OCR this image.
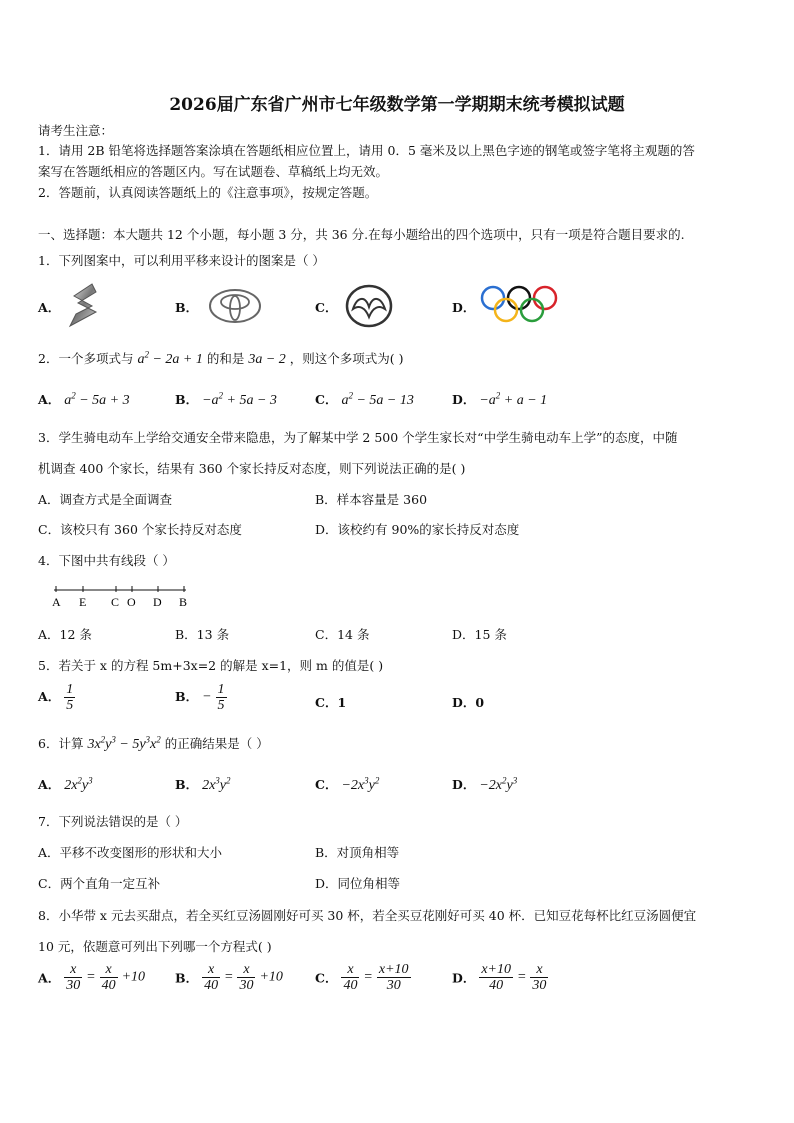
2026届广东省广州市七年级数学第一学期期末统考模拟试题
请考生注意：
1．请用 2B 铅笔将选择题答案涂填在答题纸相应位置上，请用 0．5 毫米及以上黑色字迹的钢笔或签字笔将主观题的答
案写在答题纸相应的答题区内。写在试题卷、草稿纸上均无效。
2．答题前，认真阅读答题纸上的《注意事项》，按规定答题。
一、选择题：本大题共 12 个小题，每小题 3 分，共 36 分.在每小题给出的四个选项中，只有一项是符合题目要求的.
1．下列图案中，可以利用平移来设计的图案是（ ）
A．	B．	C．	D．
2．一个多项式与 $a^2 - 2a + 1$ 的和是 3a − 2 ，则这个多项式为( )
A． $a^2 - 5a + 3$	B． $-a^2 + 5a - 3$	C． $a^2 - 5a - 13$	D． $-a^2 + a - 1$
3．学生骑电动车上学给交通安全带来隐患，为了解某中学 2 500 个学生家长对“中学生骑电动车上学”的态度，中随
机调查 400 个家长，结果有 360 个家长持反对态度，则下列说法正确的是( )
A．调查方式是全面调查	B．样本容量是 360
C．该校只有 360 个家长持反对态度	D．该校约有 90%的家长持反对态度
4．下图中共有线段（ ）
A E C O D B
A．12 条	B．13 条	C．14 条	D．15 条
5．若关于 x 的方程 5m+3x=2 的解是 x=1，则 m 的值是( )
A． $\frac{1}{5}$	B． − $\frac{1}{5}$	C．1	D．0
6．计算 $3x^2y^3 - 5y^3x^2$ 的正确结果是（ ）
A． $2x^2y^3$	B． $2x^3y^2$	C． $-2x^3y^2$	D． $-2x^2y^3$
7．下列说法错误的是（ ）
A．平移不改变图形的形状和大小	B．对顶角相等
C．两个直角一定互补	D．同位角相等
8．小华带 x 元去买甜点，若全买红豆汤圆刚好可买 30 杯，若全买豆花刚好可买 40 杯．已知豆花每杯比红豆汤圆便宜
10 元，依题意可列出下列哪一个方程式( )
A． $\frac{x}{30} = \frac{x}{40} +10$ B． $\frac{x}{40} = \frac{x}{30} +10$	C． $\frac{x}{40} = \frac{x+10}{30}$	D． $\frac{x+10}{40} = \frac{x}{30}$
